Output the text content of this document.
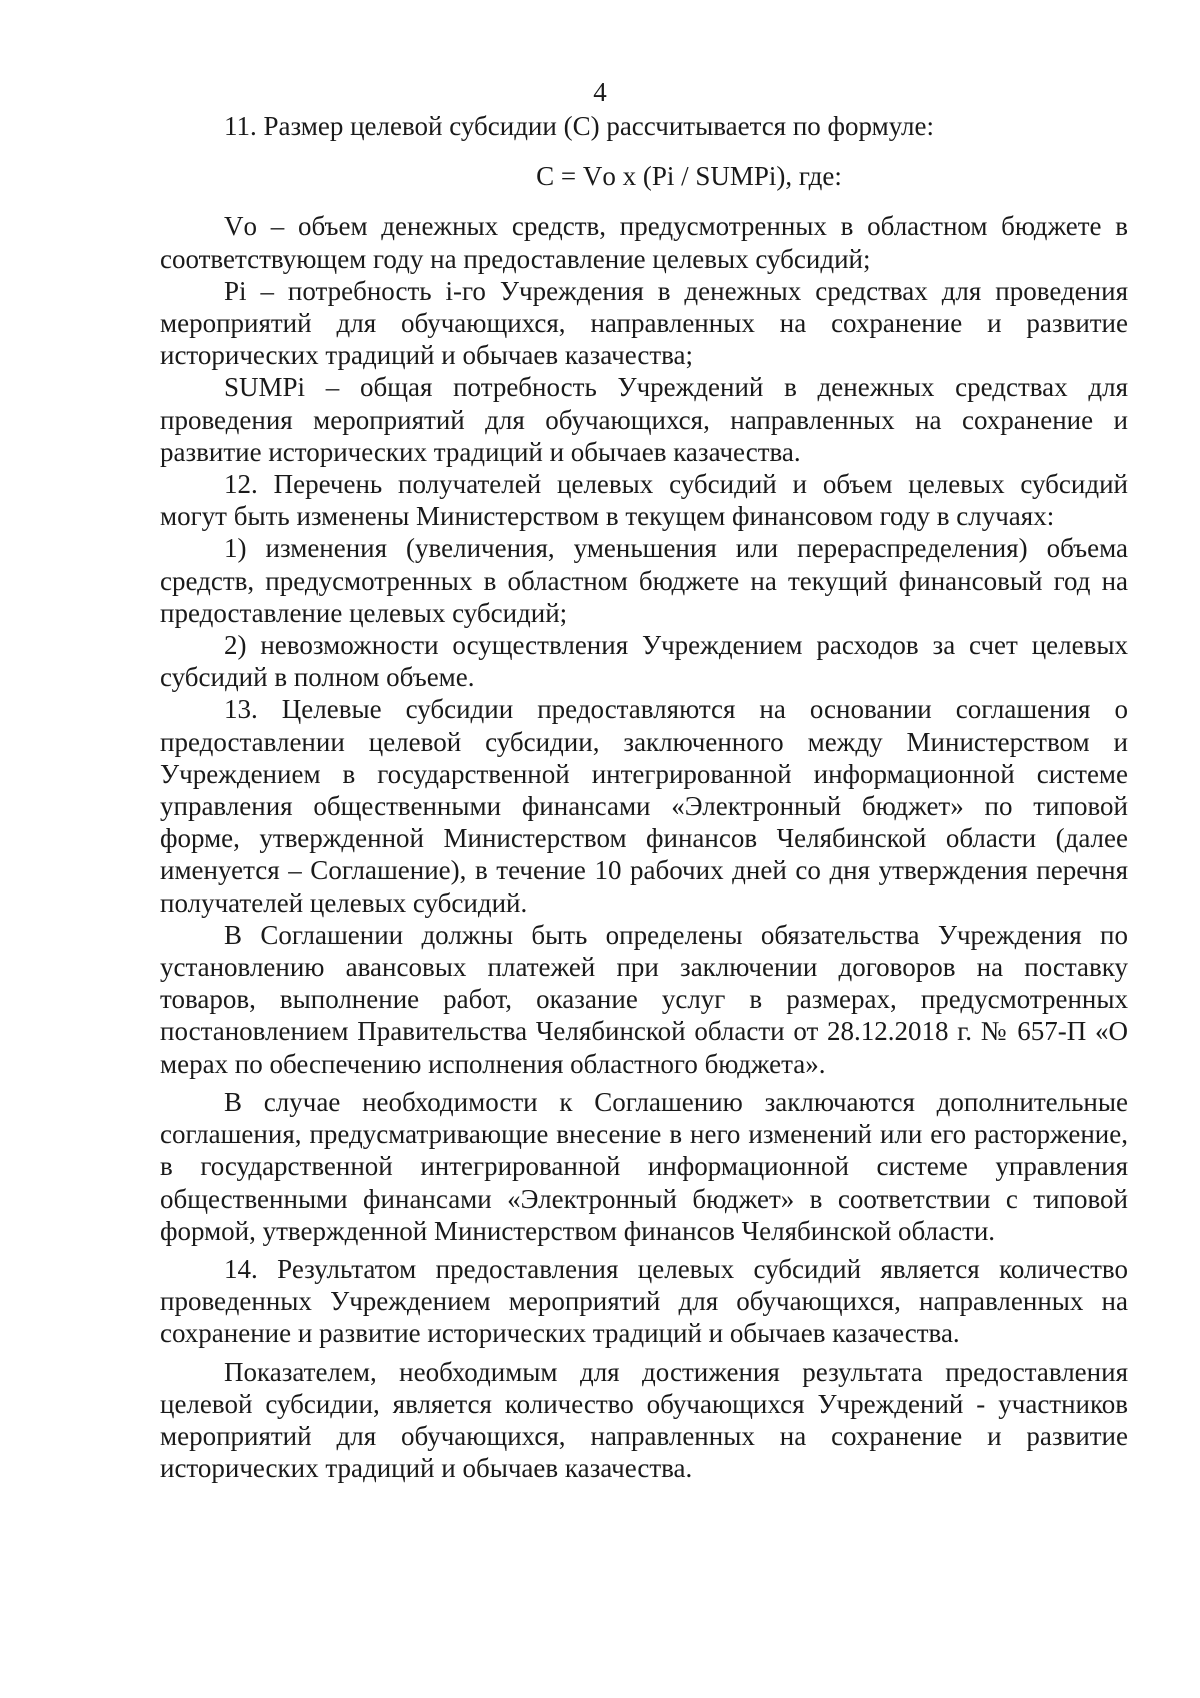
4

11. Размер целевой субсидии (С) рассчитывается по формуле:

С = Vо х (Pi / SUMPi), где:

Vо – объем денежных средств, предусмотренных в областном бюджете в соответствующем году на предоставление целевых субсидий;

Pi – потребность i-го Учреждения в денежных средствах для проведения мероприятий для обучающихся, направленных на сохранение и развитие исторических традиций и обычаев казачества;

SUMPi – общая потребность Учреждений в денежных средствах для проведения мероприятий для обучающихся, направленных на сохранение и развитие исторических традиций и обычаев казачества.

12. Перечень получателей целевых субсидий и объем целевых субсидий могут быть изменены Министерством в текущем финансовом году в случаях:

1) изменения (увеличения, уменьшения или перераспределения) объема средств, предусмотренных в областном бюджете на текущий финансовый год на предоставление целевых субсидий;

2) невозможности осуществления Учреждением расходов за счет целевых субсидий в полном объеме.

13. Целевые субсидии предоставляются на основании соглашения о предоставлении целевой субсидии, заключенного между Министерством и Учреждением в государственной интегрированной информационной системе управления общественными финансами «Электронный бюджет» по типовой форме, утвержденной Министерством финансов Челябинской области (далее именуется – Соглашение), в течение 10 рабочих дней со дня утверждения перечня получателей целевых субсидий.

В Соглашении должны быть определены обязательства Учреждения по установлению авансовых платежей при заключении договоров на поставку товаров, выполнение работ, оказание услуг в размерах, предусмотренных постановлением Правительства Челябинской области от 28.12.2018 г. № 657-П «О мерах по обеспечению исполнения областного бюджета».

В случае необходимости к Соглашению заключаются дополнительные соглашения, предусматривающие внесение в него изменений или его расторжение, в государственной интегрированной информационной системе управления общественными финансами «Электронный бюджет» в соответствии с типовой формой, утвержденной Министерством финансов Челябинской области.

14. Результатом предоставления целевых субсидий является количество проведенных Учреждением мероприятий для обучающихся, направленных на сохранение и развитие исторических традиций и обычаев казачества.

Показателем, необходимым для достижения результата предоставления целевой субсидии, является количество обучающихся Учреждений - участников мероприятий для обучающихся, направленных на сохранение и развитие исторических традиций и обычаев казачества.
